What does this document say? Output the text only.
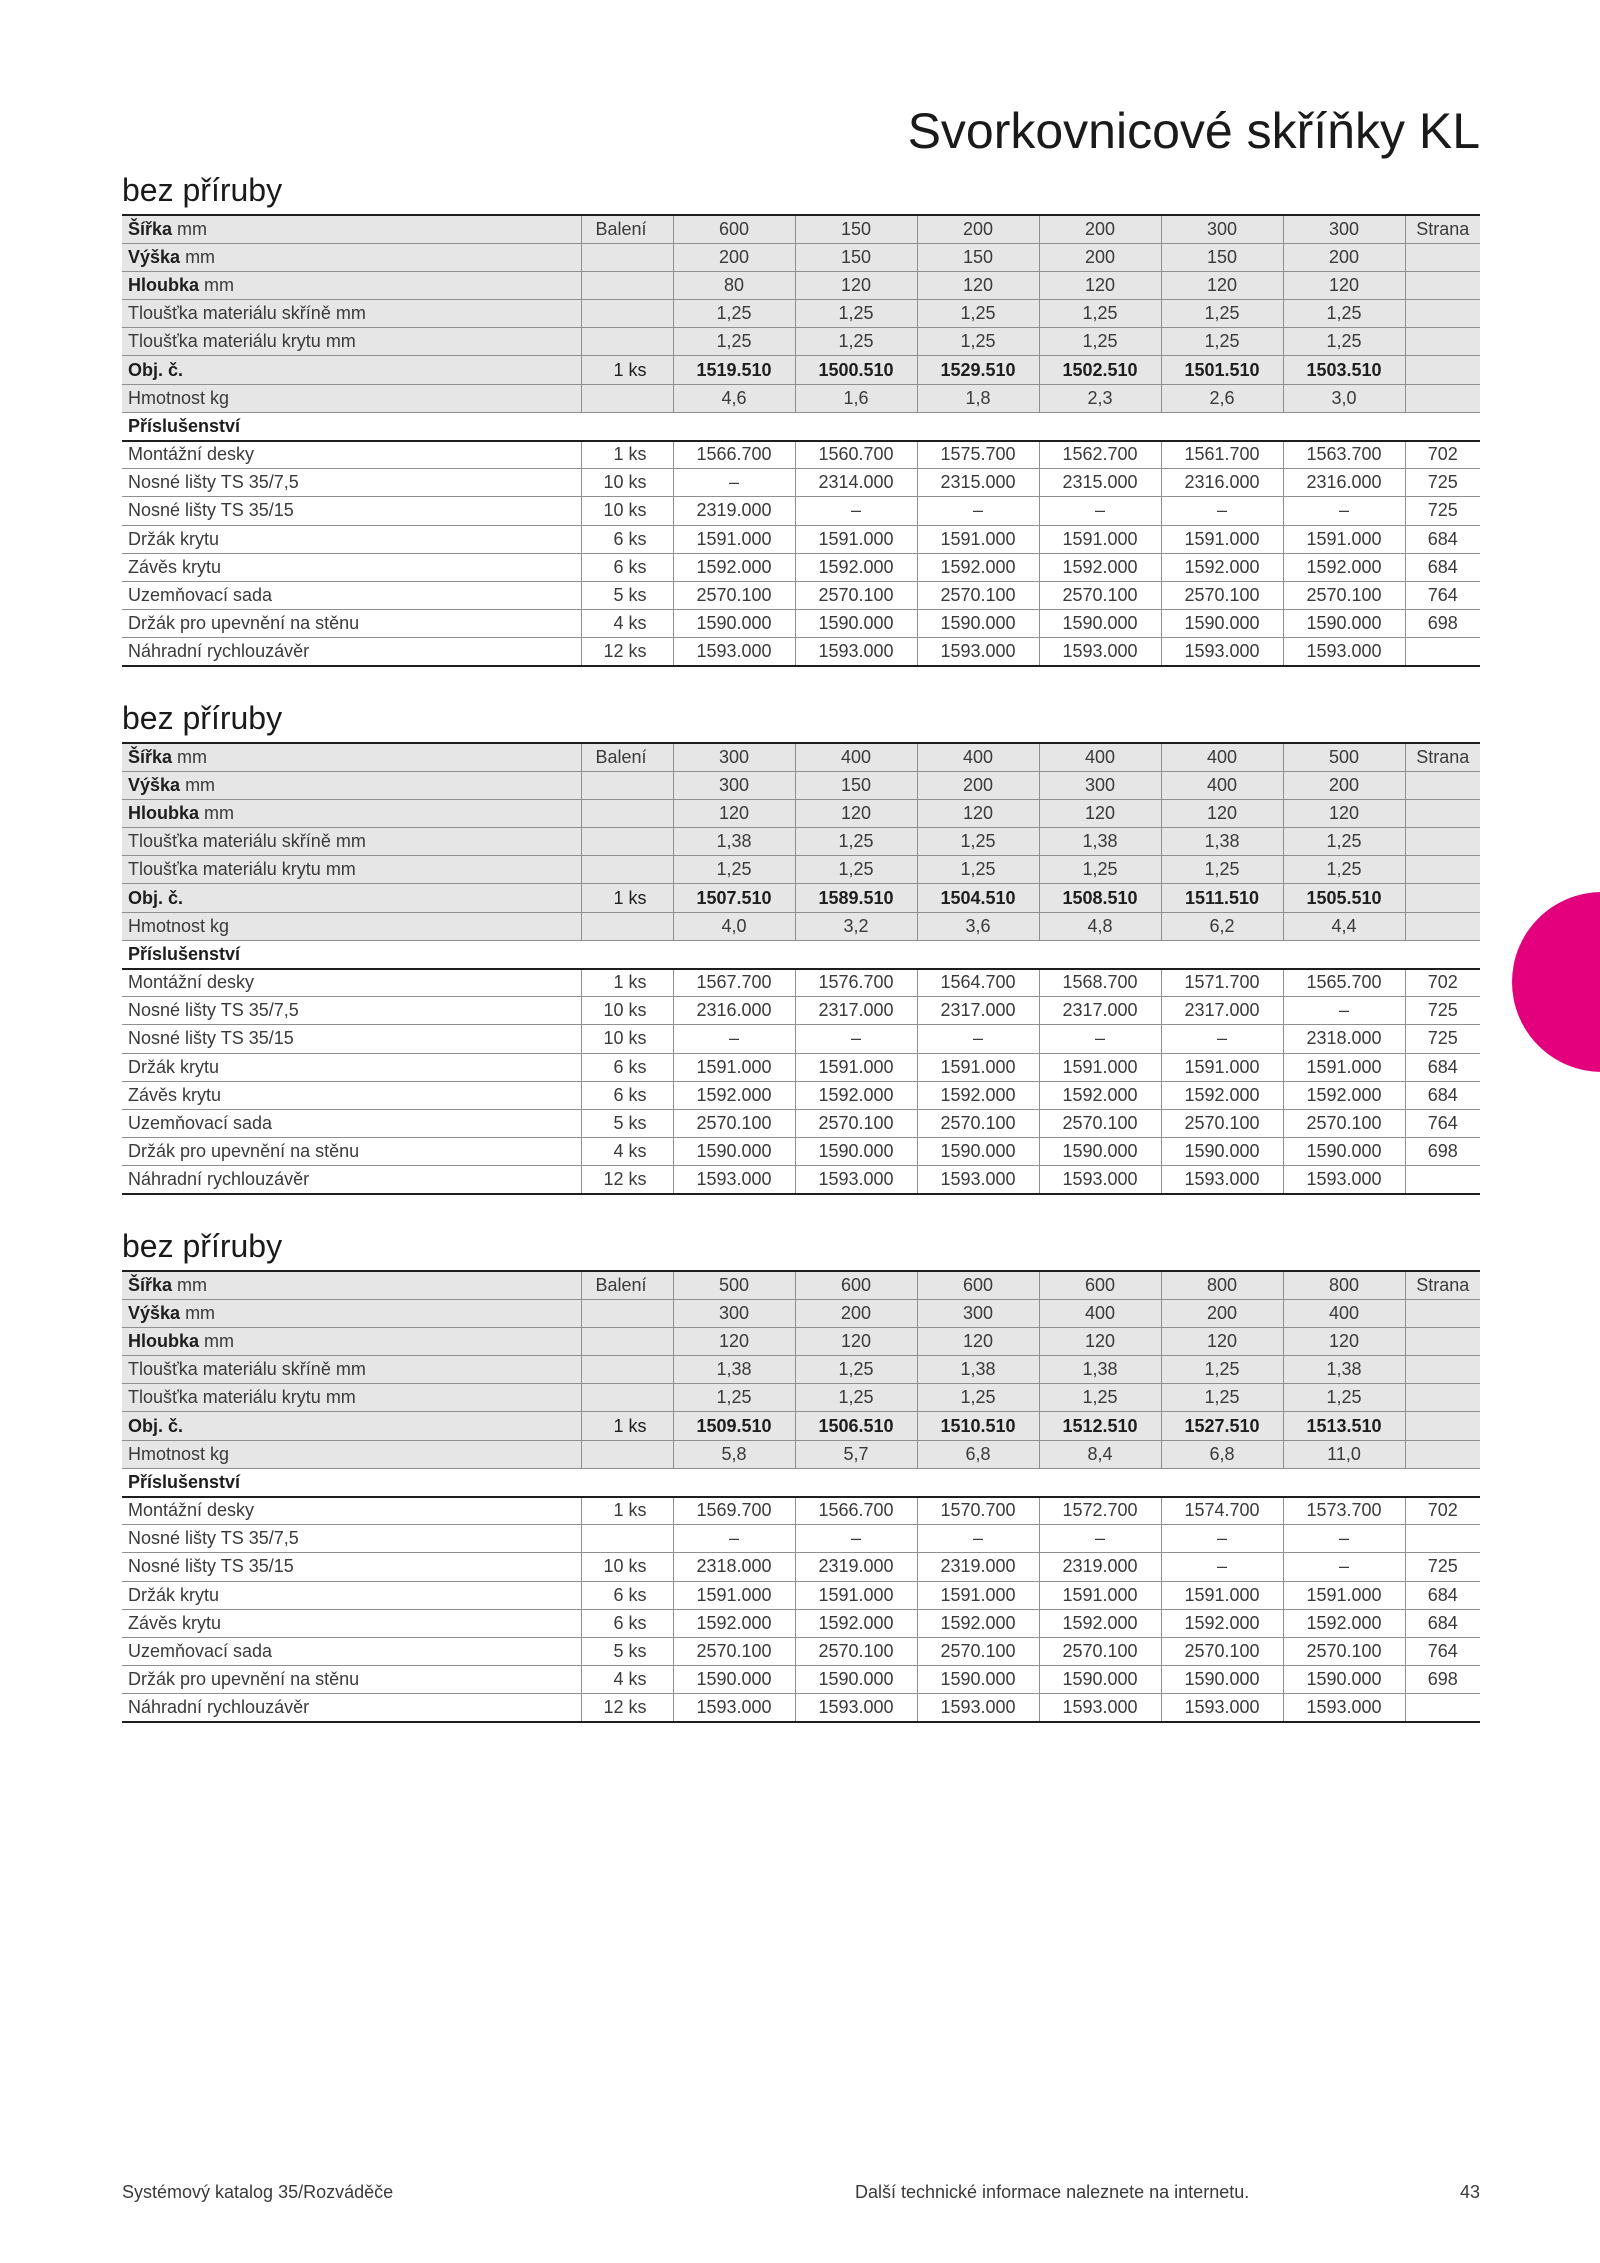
Svorkovnicové skříňky KL
bez příruby
Šířka mm	Balení	600	150	200	200	300	300	Strana
Výška mm		200	150	150	200	150	200	
Hloubka mm		80	120	120	120	120	120	
Tloušťka materiálu skříně mm		1,25	1,25	1,25	1,25	1,25	1,25	
Tloušťka materiálu krytu mm		1,25	1,25	1,25	1,25	1,25	1,25	
Obj. č.	1 ks	1519.510	1500.510	1529.510	1502.510	1501.510	1503.510	
Hmotnost kg		4,6	1,6	1,8	2,3	2,6	3,0	
Příslušenství								
Montážní desky	1 ks	1566.700	1560.700	1575.700	1562.700	1561.700	1563.700	702
Nosné lišty TS 35/7,5	10 ks	–	2314.000	2315.000	2315.000	2316.000	2316.000	725
Nosné lišty TS 35/15	10 ks	2319.000	–	–	–	–	–	725
Držák krytu	6 ks	1591.000	1591.000	1591.000	1591.000	1591.000	1591.000	684
Závěs krytu	6 ks	1592.000	1592.000	1592.000	1592.000	1592.000	1592.000	684
Uzemňovací sada	5 ks	2570.100	2570.100	2570.100	2570.100	2570.100	2570.100	764
Držák pro upevnění na stěnu	4 ks	1590.000	1590.000	1590.000	1590.000	1590.000	1590.000	698
Náhradní rychlouzávěr	12 ks	1593.000	1593.000	1593.000	1593.000	1593.000	1593.000	
bez příruby
Šířka mm	Balení	300	400	400	400	400	500	Strana
Výška mm		300	150	200	300	400	200	
Hloubka mm		120	120	120	120	120	120	
Tloušťka materiálu skříně mm		1,38	1,25	1,25	1,38	1,38	1,25	
Tloušťka materiálu krytu mm		1,25	1,25	1,25	1,25	1,25	1,25	
Obj. č.	1 ks	1507.510	1589.510	1504.510	1508.510	1511.510	1505.510	
Hmotnost kg		4,0	3,2	3,6	4,8	6,2	4,4	
Příslušenství								
Montážní desky	1 ks	1567.700	1576.700	1564.700	1568.700	1571.700	1565.700	702
Nosné lišty TS 35/7,5	10 ks	2316.000	2317.000	2317.000	2317.000	2317.000	–	725
Nosné lišty TS 35/15	10 ks	–	–	–	–	–	2318.000	725
Držák krytu	6 ks	1591.000	1591.000	1591.000	1591.000	1591.000	1591.000	684
Závěs krytu	6 ks	1592.000	1592.000	1592.000	1592.000	1592.000	1592.000	684
Uzemňovací sada	5 ks	2570.100	2570.100	2570.100	2570.100	2570.100	2570.100	764
Držák pro upevnění na stěnu	4 ks	1590.000	1590.000	1590.000	1590.000	1590.000	1590.000	698
Náhradní rychlouzávěr	12 ks	1593.000	1593.000	1593.000	1593.000	1593.000	1593.000	
bez příruby
Šířka mm	Balení	500	600	600	600	800	800	Strana
Výška mm		300	200	300	400	200	400	
Hloubka mm		120	120	120	120	120	120	
Tloušťka materiálu skříně mm		1,38	1,25	1,38	1,38	1,25	1,38	
Tloušťka materiálu krytu mm		1,25	1,25	1,25	1,25	1,25	1,25	
Obj. č.	1 ks	1509.510	1506.510	1510.510	1512.510	1527.510	1513.510	
Hmotnost kg		5,8	5,7	6,8	8,4	6,8	11,0	
Příslušenství								
Montážní desky	1 ks	1569.700	1566.700	1570.700	1572.700	1574.700	1573.700	702
Nosné lišty TS 35/7,5		–	–	–	–	–	–	
Nosné lišty TS 35/15	10 ks	2318.000	2319.000	2319.000	2319.000	–	–	725
Držák krytu	6 ks	1591.000	1591.000	1591.000	1591.000	1591.000	1591.000	684
Závěs krytu	6 ks	1592.000	1592.000	1592.000	1592.000	1592.000	1592.000	684
Uzemňovací sada	5 ks	2570.100	2570.100	2570.100	2570.100	2570.100	2570.100	764
Držák pro upevnění na stěnu	4 ks	1590.000	1590.000	1590.000	1590.000	1590.000	1590.000	698
Náhradní rychlouzávěr	12 ks	1593.000	1593.000	1593.000	1593.000	1593.000	1593.000	
Systémový katalog 35/Rozváděče	Další technické informace naleznete na internetu.	43
